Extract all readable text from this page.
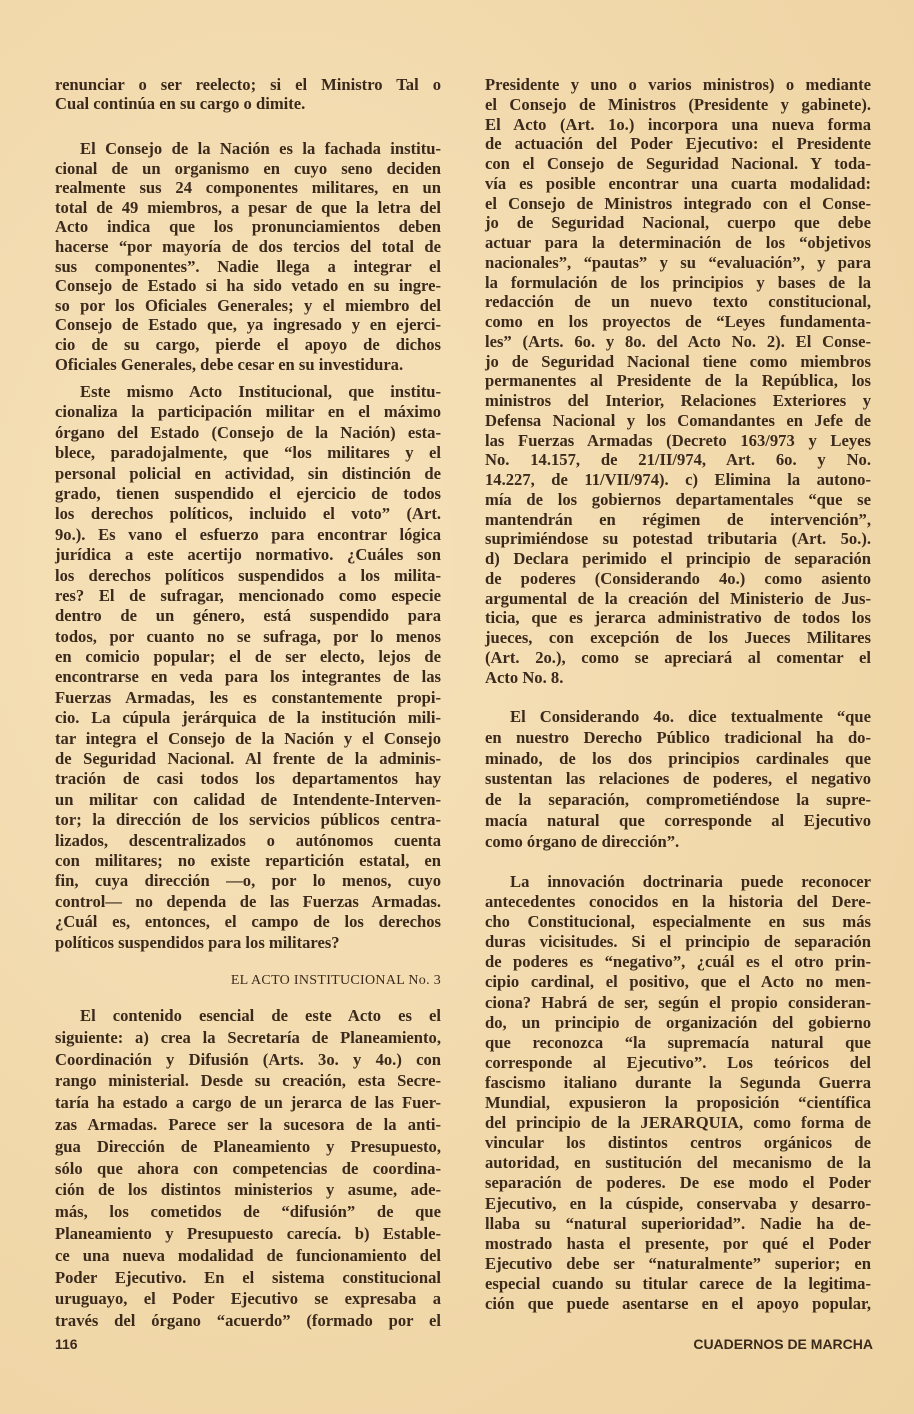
renunciar o ser reelecto; si el Ministro Tal o
Cual continúa en su cargo o dimite.
El Consejo de la Nación es la fachada institu-
cional de un organismo en cuyo seno deciden
realmente sus 24 componentes militares, en un
total de 49 miembros, a pesar de que la letra del
Acto indica que los pronunciamientos deben
hacerse “por mayoría de dos tercios del total de
sus componentes”. Nadie llega a integrar el
Consejo de Estado si ha sido vetado en su ingre-
so por los Oficiales Generales; y el miembro del
Consejo de Estado que, ya ingresado y en ejerci-
cio de su cargo, pierde el apoyo de dichos
Oficiales Generales, debe cesar en su investidura.
Este mismo Acto Institucional, que institu-
cionaliza la participación militar en el máximo
órgano del Estado (Consejo de la Nación) esta-
blece, paradojalmente, que “los militares y el
personal policial en actividad, sin distinción de
grado, tienen suspendido el ejercicio de todos
los derechos políticos, incluido el voto” (Art.
9o.). Es vano el esfuerzo para encontrar lógica
jurídica a este acertijo normativo. ¿Cuáles son
los derechos políticos suspendidos a los milita-
res? El de sufragar, mencionado como especie
dentro de un género, está suspendido para
todos, por cuanto no se sufraga, por lo menos
en comicio popular; el de ser electo, lejos de
encontrarse en veda para los integrantes de las
Fuerzas Armadas, les es constantemente propi-
cio. La cúpula jerárquica de la institución mili-
tar integra el Consejo de la Nación y el Consejo
de Seguridad Nacional. Al frente de la adminis-
tración de casi todos los departamentos hay
un militar con calidad de Intendente-Interven-
tor; la dirección de los servicios públicos centra-
lizados, descentralizados o autónomos cuenta
con militares; no existe repartición estatal, en
fin, cuya dirección —o, por lo menos, cuyo
control— no dependa de las Fuerzas Armadas.
¿Cuál es, entonces, el campo de los derechos
políticos suspendidos para los militares?
EL ACTO INSTITUCIONAL No. 3
El contenido esencial de este Acto es el
siguiente: a) crea la Secretaría de Planeamiento,
Coordinación y Difusión (Arts. 3o. y 4o.) con
rango ministerial. Desde su creación, esta Secre-
taría ha estado a cargo de un jerarca de las Fuer-
zas Armadas. Parece ser la sucesora de la anti-
gua Dirección de Planeamiento y Presupuesto,
sólo que ahora con competencias de coordina-
ción de los distintos ministerios y asume, ade-
más, los cometidos de “difusión” de que
Planeamiento y Presupuesto carecía. b) Estable-
ce una nueva modalidad de funcionamiento del
Poder Ejecutivo. En el sistema constitucional
uruguayo, el Poder Ejecutivo se expresaba a
través del órgano “acuerdo” (formado por el
Presidente y uno o varios ministros) o mediante
el Consejo de Ministros (Presidente y gabinete).
El Acto (Art. 1o.) incorpora una nueva forma
de actuación del Poder Ejecutivo: el Presidente
con el Consejo de Seguridad Nacional. Y toda-
vía es posible encontrar una cuarta modalidad:
el Consejo de Ministros integrado con el Conse-
jo de Seguridad Nacional, cuerpo que debe
actuar para la determinación de los “objetivos
nacionales”, “pautas” y su “evaluación”, y para
la formulación de los principios y bases de la
redacción de un nuevo texto constitucional,
como en los proyectos de “Leyes fundamenta-
les” (Arts. 6o. y 8o. del Acto No. 2). El Conse-
jo de Seguridad Nacional tiene como miembros
permanentes al Presidente de la República, los
ministros del Interior, Relaciones Exteriores y
Defensa Nacional y los Comandantes en Jefe de
las Fuerzas Armadas (Decreto 163/973 y Leyes
No. 14.157, de 21/II/974, Art. 6o. y No.
14.227, de 11/VII/974). c) Elimina la autono-
mía de los gobiernos departamentales “que se
mantendrán en régimen de intervención”,
suprimiéndose su potestad tributaria (Art. 5o.).
d) Declara perimido el principio de separación
de poderes (Considerando 4o.) como asiento
argumental de la creación del Ministerio de Jus-
ticia, que es jerarca administrativo de todos los
jueces, con excepción de los Jueces Militares
(Art. 2o.), como se apreciará al comentar el
Acto No. 8.
El Considerando 4o. dice textualmente “que
en nuestro Derecho Público tradicional ha do-
minado, de los dos principios cardinales que
sustentan las relaciones de poderes, el negativo
de la separación, comprometiéndose la supre-
macía natural que corresponde al Ejecutivo
como órgano de dirección”.
La innovación doctrinaria puede reconocer
antecedentes conocidos en la historia del Dere-
cho Constitucional, especialmente en sus más
duras vicisitudes. Si el principio de separación
de poderes es “negativo”, ¿cuál es el otro prin-
cipio cardinal, el positivo, que el Acto no men-
ciona? Habrá de ser, según el propio consideran-
do, un principio de organización del gobierno
que reconozca “la supremacía natural que
corresponde al Ejecutivo”. Los teóricos del
fascismo italiano durante la Segunda Guerra
Mundial, expusieron la proposición “científica
del principio de la JERARQUIA, como forma de
vincular los distintos centros orgánicos de
autoridad, en sustitución del mecanismo de la
separación de poderes. De ese modo el Poder
Ejecutivo, en la cúspide, conservaba y desarro-
llaba su “natural superioridad”. Nadie ha de-
mostrado hasta el presente, por qué el Poder
Ejecutivo debe ser “naturalmente” superior; en
especial cuando su titular carece de la legitima-
ción que puede asentarse en el apoyo popular,
116	CUADERNOS DE MARCHA
